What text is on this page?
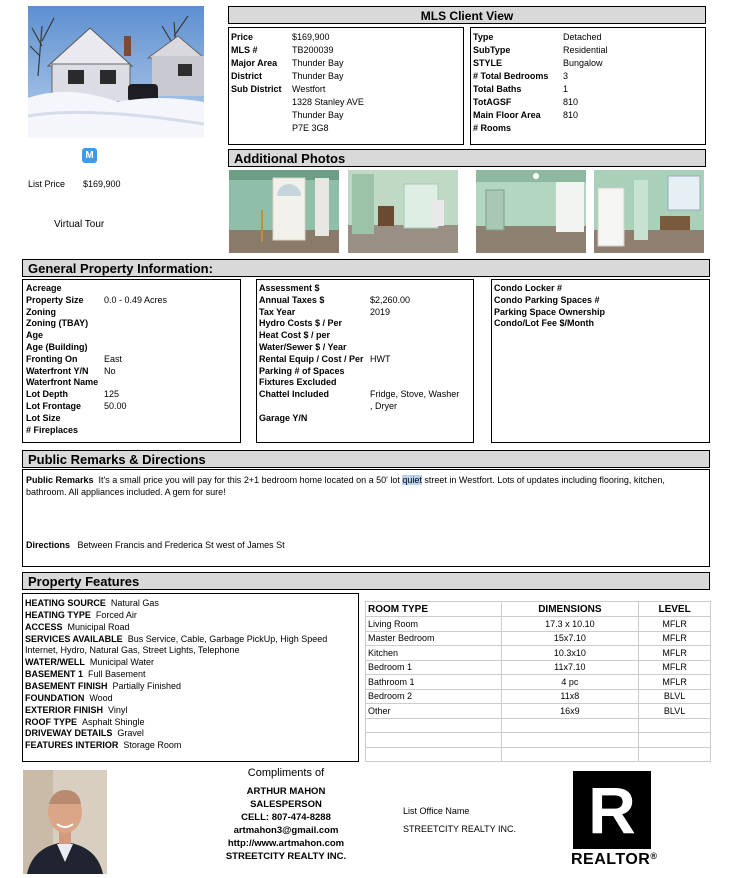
M
List Price $169,900
Virtual Tour
MLS Client View
Price	$169,900
MLS #	TB200039
Major Area Thunder Bay
District	Thunder Bay
Sub District Westfort
1328 Stanley AVE
Thunder Bay
P7E 3G8
Type	Detached
SubType	Residential
STYLE	Bungalow
# Total Bedrooms 3
Total Baths	1
TotAGSF	810
Main Floor Area 810
# Rooms
Additional Photos
General Property Information:
Acreage
Property Size 0.0 - 0.49 Acres
Zoning
Zoning (TBAY)
Age
Age (Building)
Fronting On	East
Waterfront Y/N No
Waterfront Name
Lot Depth	125
Lot Frontage	50.00
Lot Size
# Fireplaces
Assessment $
Annual Taxes $	$2,260.00
Tax Year	2019
Hydro Costs $ / Per
Heat Cost $ / per
Water/Sewer $ / Year
Rental Equip / Cost / Per HWT
Parking # of Spaces
Fixtures Excluded
Chattel Included	Fridge, Stove, Washer
, Dryer
Garage Y/N
Condo Locker #
Condo Parking Spaces #
Parking Space Ownership
Condo/Lot Fee $/Month
Public Remarks & Directions
Public Remarks It's a small price you will pay for this 2+1 bedroom home located on a 50' lot quiet street in Westfort. Lots of updates including flooring, kitchen,
bathroom. All appliances included. A gem for sure!
Directions Between Francis and Frederica St west of James St
Property Features
HEATING SOURCE Natural Gas
HEATING TYPE Forced Air
ACCESS Municipal Road
SERVICES AVAILABLE Bus Service, Cable, Garbage PickUp, High Speed
Internet, Hydro, Natural Gas, Street Lights, Telephone
WATER/WELL Municipal Water
BASEMENT 1 Full Basement
BASEMENT FINISH Partially Finished
FOUNDATION Wood
EXTERIOR FINISH Vinyl
ROOF TYPE Asphalt Shingle
DRIVEWAY DETAILS Gravel
FEATURES INTERIOR Storage Room
ROOM TYPE	DIMENSIONS	LEVEL
Living Room	17.3 x 10.10	MFLR
Master Bedroom	15x7.10	MFLR
Kitchen	10.3x10	MFLR
Bedroom 1	11x7.10	MFLR
Bathroom 1	4 pc	MFLR
Bedroom 2	11x8	BLVL
Other	16x9	BLVL

Compliments of
ARTHUR MAHON
SALESPERSON
CELL: 807-474-8288
artmahon3@gmail.com
http://www.artmahon.com
STREETCITY REALTY INC.
List Office Name
STREETCITY REALTY INC. R
REALTOR®
